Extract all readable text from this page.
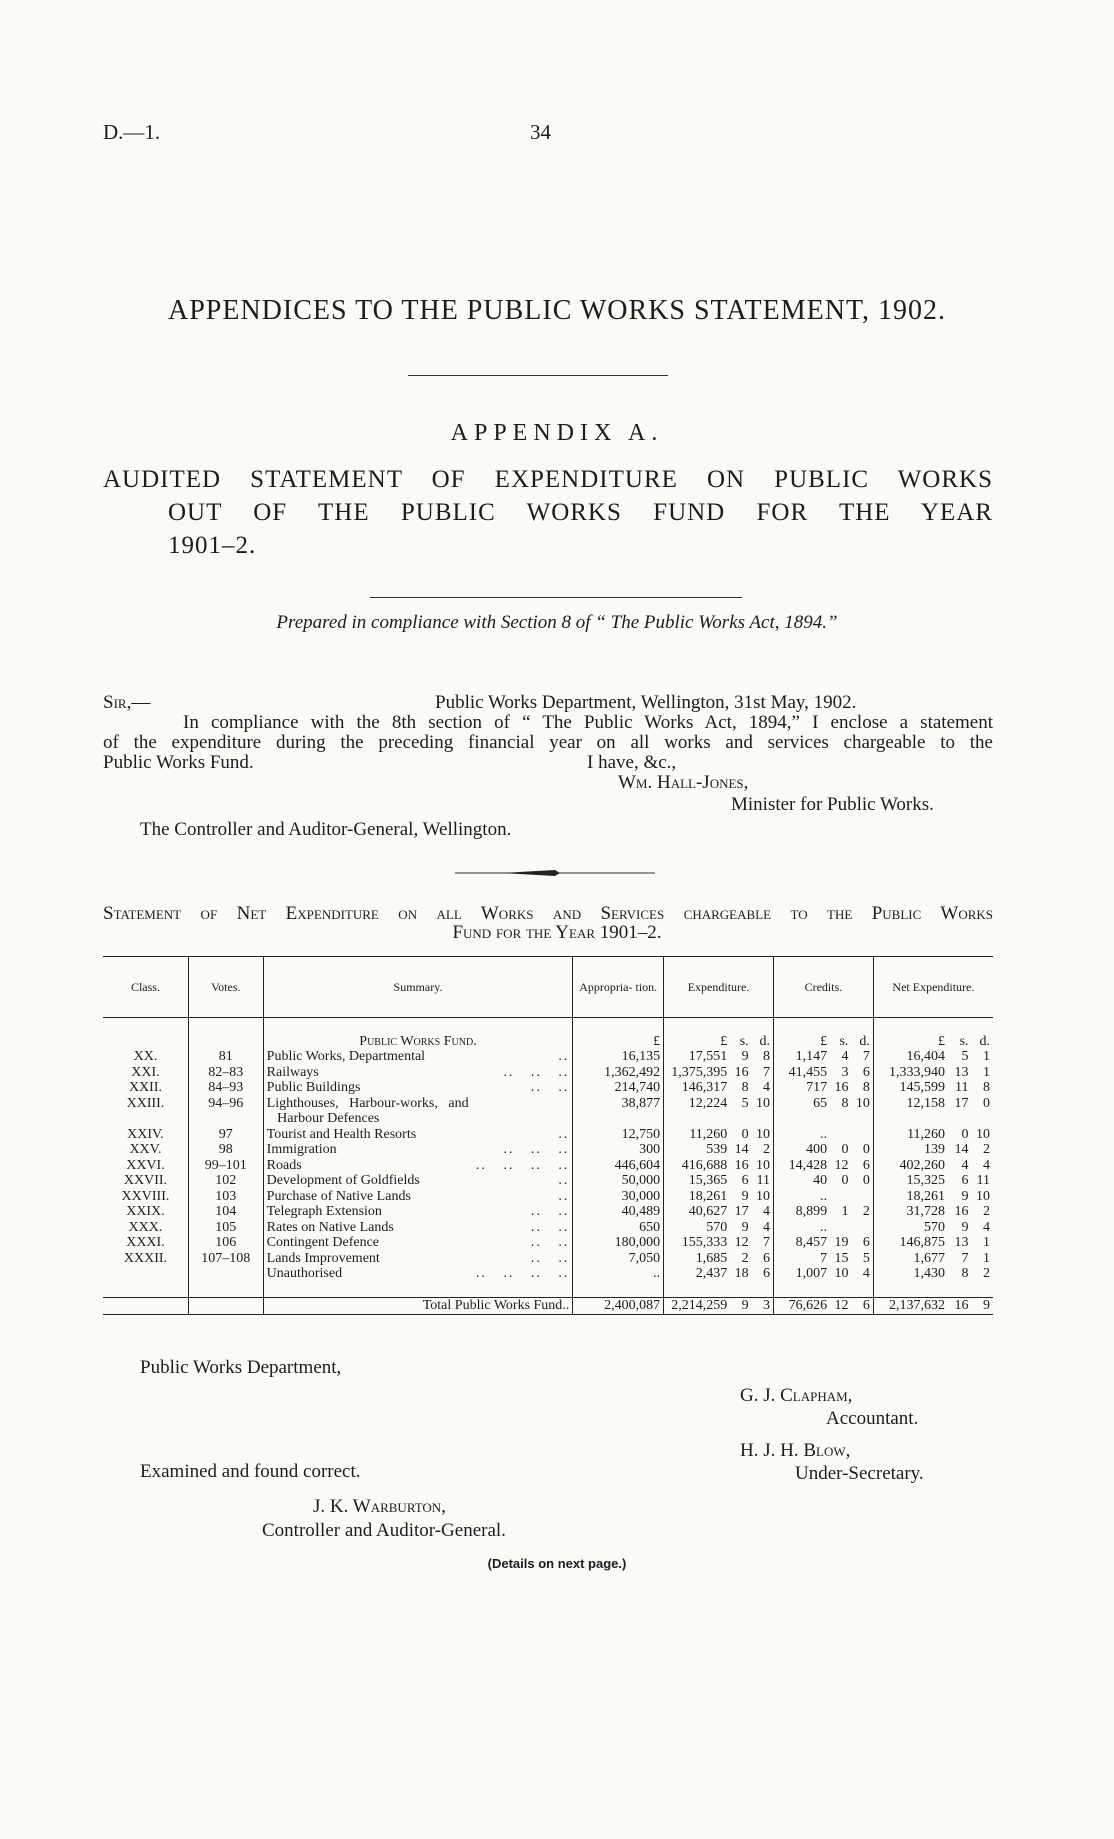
D.—1.	34
APPENDICES TO THE PUBLIC WORKS STATEMENT, 1902.
APPENDIX A.
AUDITED STATEMENT OF EXPENDITURE ON PUBLIC WORKS
OUT OF THE PUBLIC WORKS FUND FOR THE YEAR
1901–2.
Prepared in compliance with Section 8 of “ The Public Works Act, 1894.”
Sir,—	Public Works Department, Wellington, 31st May, 1902.
In compliance with the 8th section of “ The Public Works Act, 1894,” I enclose a statement
of the expenditure during the preceding financial year on all works and services chargeable to the
Public Works Fund.	I have, &c.,
Wm. Hall-Jones,
Minister for Public Works.
The Controller and Auditor-General, Wellington.
Statement of Net Expenditure on all Works and Services chargeable to the Public Works
Fund for the Year 1901–2.
Class.	Votes.	Summary.	Appropria- tion.	Expenditure.			Credits.			Net Expenditure.		

		Public Works Fund.	£	£	s.	d.	£	s.	d.	£	s.	d.
XX.	81	Public Works, Departmental ..	16,135	17,551	9	8	1,147	4	7	16,404	5	1
XXI.	82–83	Railways ..   ..   ..	1,362,492	1,375,395	16	7	41,455	3	6	1,333,940	13	1
XXII.	84–93	Public Buildings ..   ..	214,740	146,317	8	4	717	16	8	145,599	11	8
XXIII.	94–96	Lighthouses,   Harbour-works,   and	38,877	12,224	5	10	65	8	10	12,158	17	0
		Harbour Defences

XXIV.	97	Tourist and Health Resorts ..	12,750	11,260	0	10	..			11,260	0	10
XXV.	98	Immigration ..   ..   ..	300	539	14	2	400	0	0	139	14	2
XXVI.	99–101	Roads ..   ..   ..   ..	446,604	416,688	16	10	14,428	12	6	402,260	4	4
XXVII.	102	Development of Goldfields ..	50,000	15,365	6	11	40	0	0	15,325	6	11
XXVIII.	103	Purchase of Native Lands ..	30,000	18,261	9	10	..			18,261	9	10
XXIX.	104	Telegraph Extension ..   ..	40,489	40,627	17	4	8,899	1	2	31,728	16	2
XXX.	105	Rates on Native Lands ..   ..	650	570	9	4	..			570	9	4
XXXI.	106	Contingent Defence ..   ..	180,000	155,333	12	7	8,457	19	6	146,875	13	1
XXXII.	107–108	Lands Improvement ..   ..	7,050	1,685	2	6	7	15	5	1,677	7	1
		Unauthorised ..   ..   ..   ..	..	2,437	18	6	1,007	10	4	1,430	8	2

		Total Public Works Fund..	2,400,087	2,214,259	9	3	76,626	12	6	2,137,632	16	9
Public Works Department,
G. J. Clapham,
Accountant.
H. J. H. Blow,
Under-Secretary.
Examined and found correct.
J. K. Warburton,
Controller and Auditor-General.
(Details on next page.)
